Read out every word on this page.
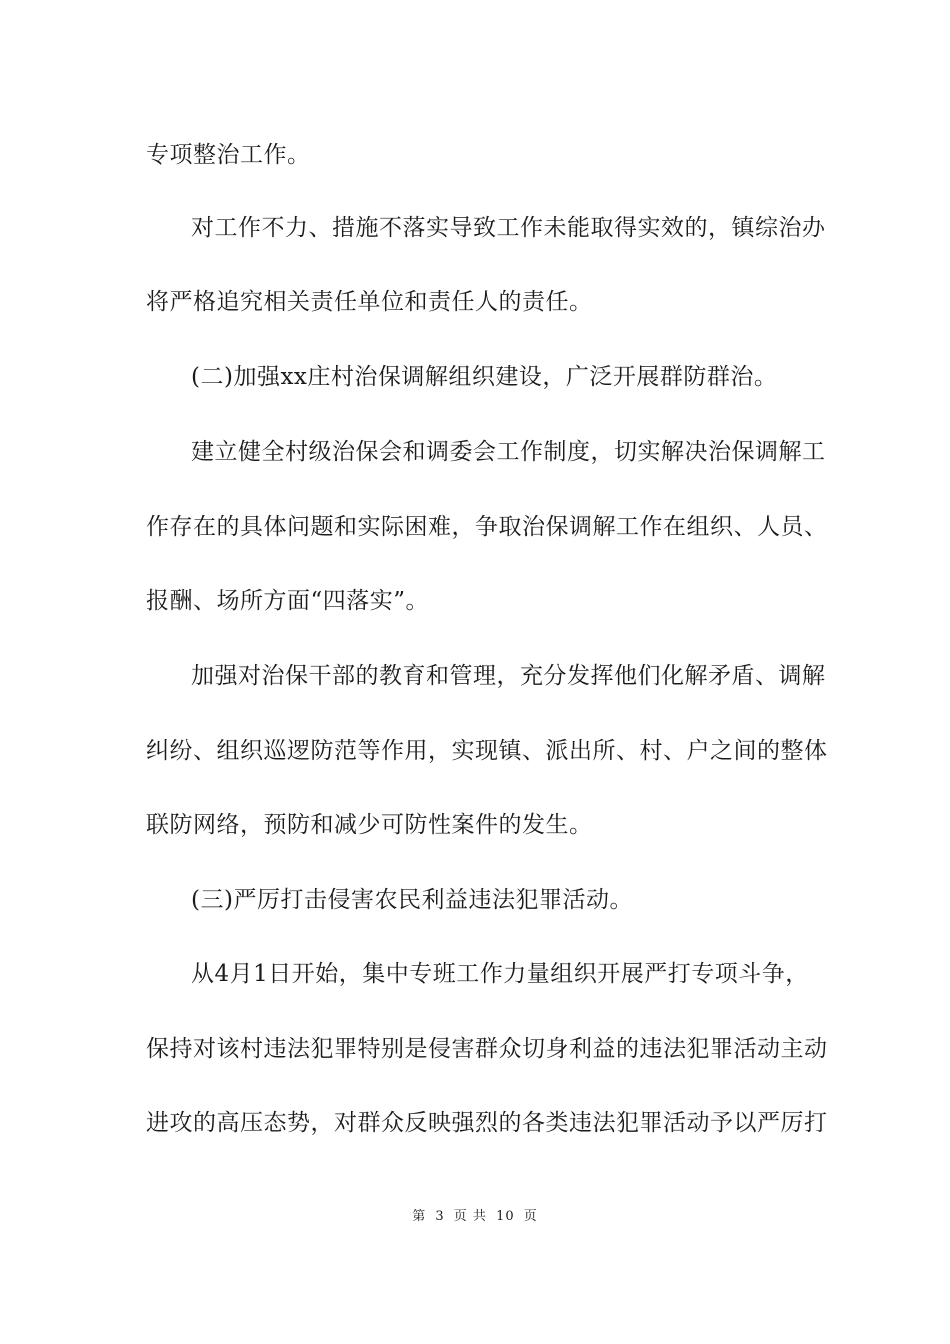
专项整治工作。
对工作不力、措施不落实导致工作未能取得实效的，镇综治办
将严格追究相关责任单位和责任人的责任。
(二)加强xx庄村治保调解组织建设，广泛开展群防群治。
建立健全村级治保会和调委会工作制度，切实解决治保调解工
作存在的具体问题和实际困难，争取治保调解工作在组织、人员、
报酬、场所方面“四落实”。
加强对治保干部的教育和管理，充分发挥他们化解矛盾、调解
纠纷、组织巡逻防范等作用，实现镇、派出所、村、户之间的整体
联防网络，预防和减少可防性案件的发生。
(三)严厉打击侵害农民利益违法犯罪活动。
从4月1日开始，集中专班工作力量组织开展严打专项斗争，
保持对该村违法犯罪特别是侵害群众切身利益的违法犯罪活动主动
进攻的高压态势，对群众反映强烈的各类违法犯罪活动予以严厉打
第 3 页 共 10 页
